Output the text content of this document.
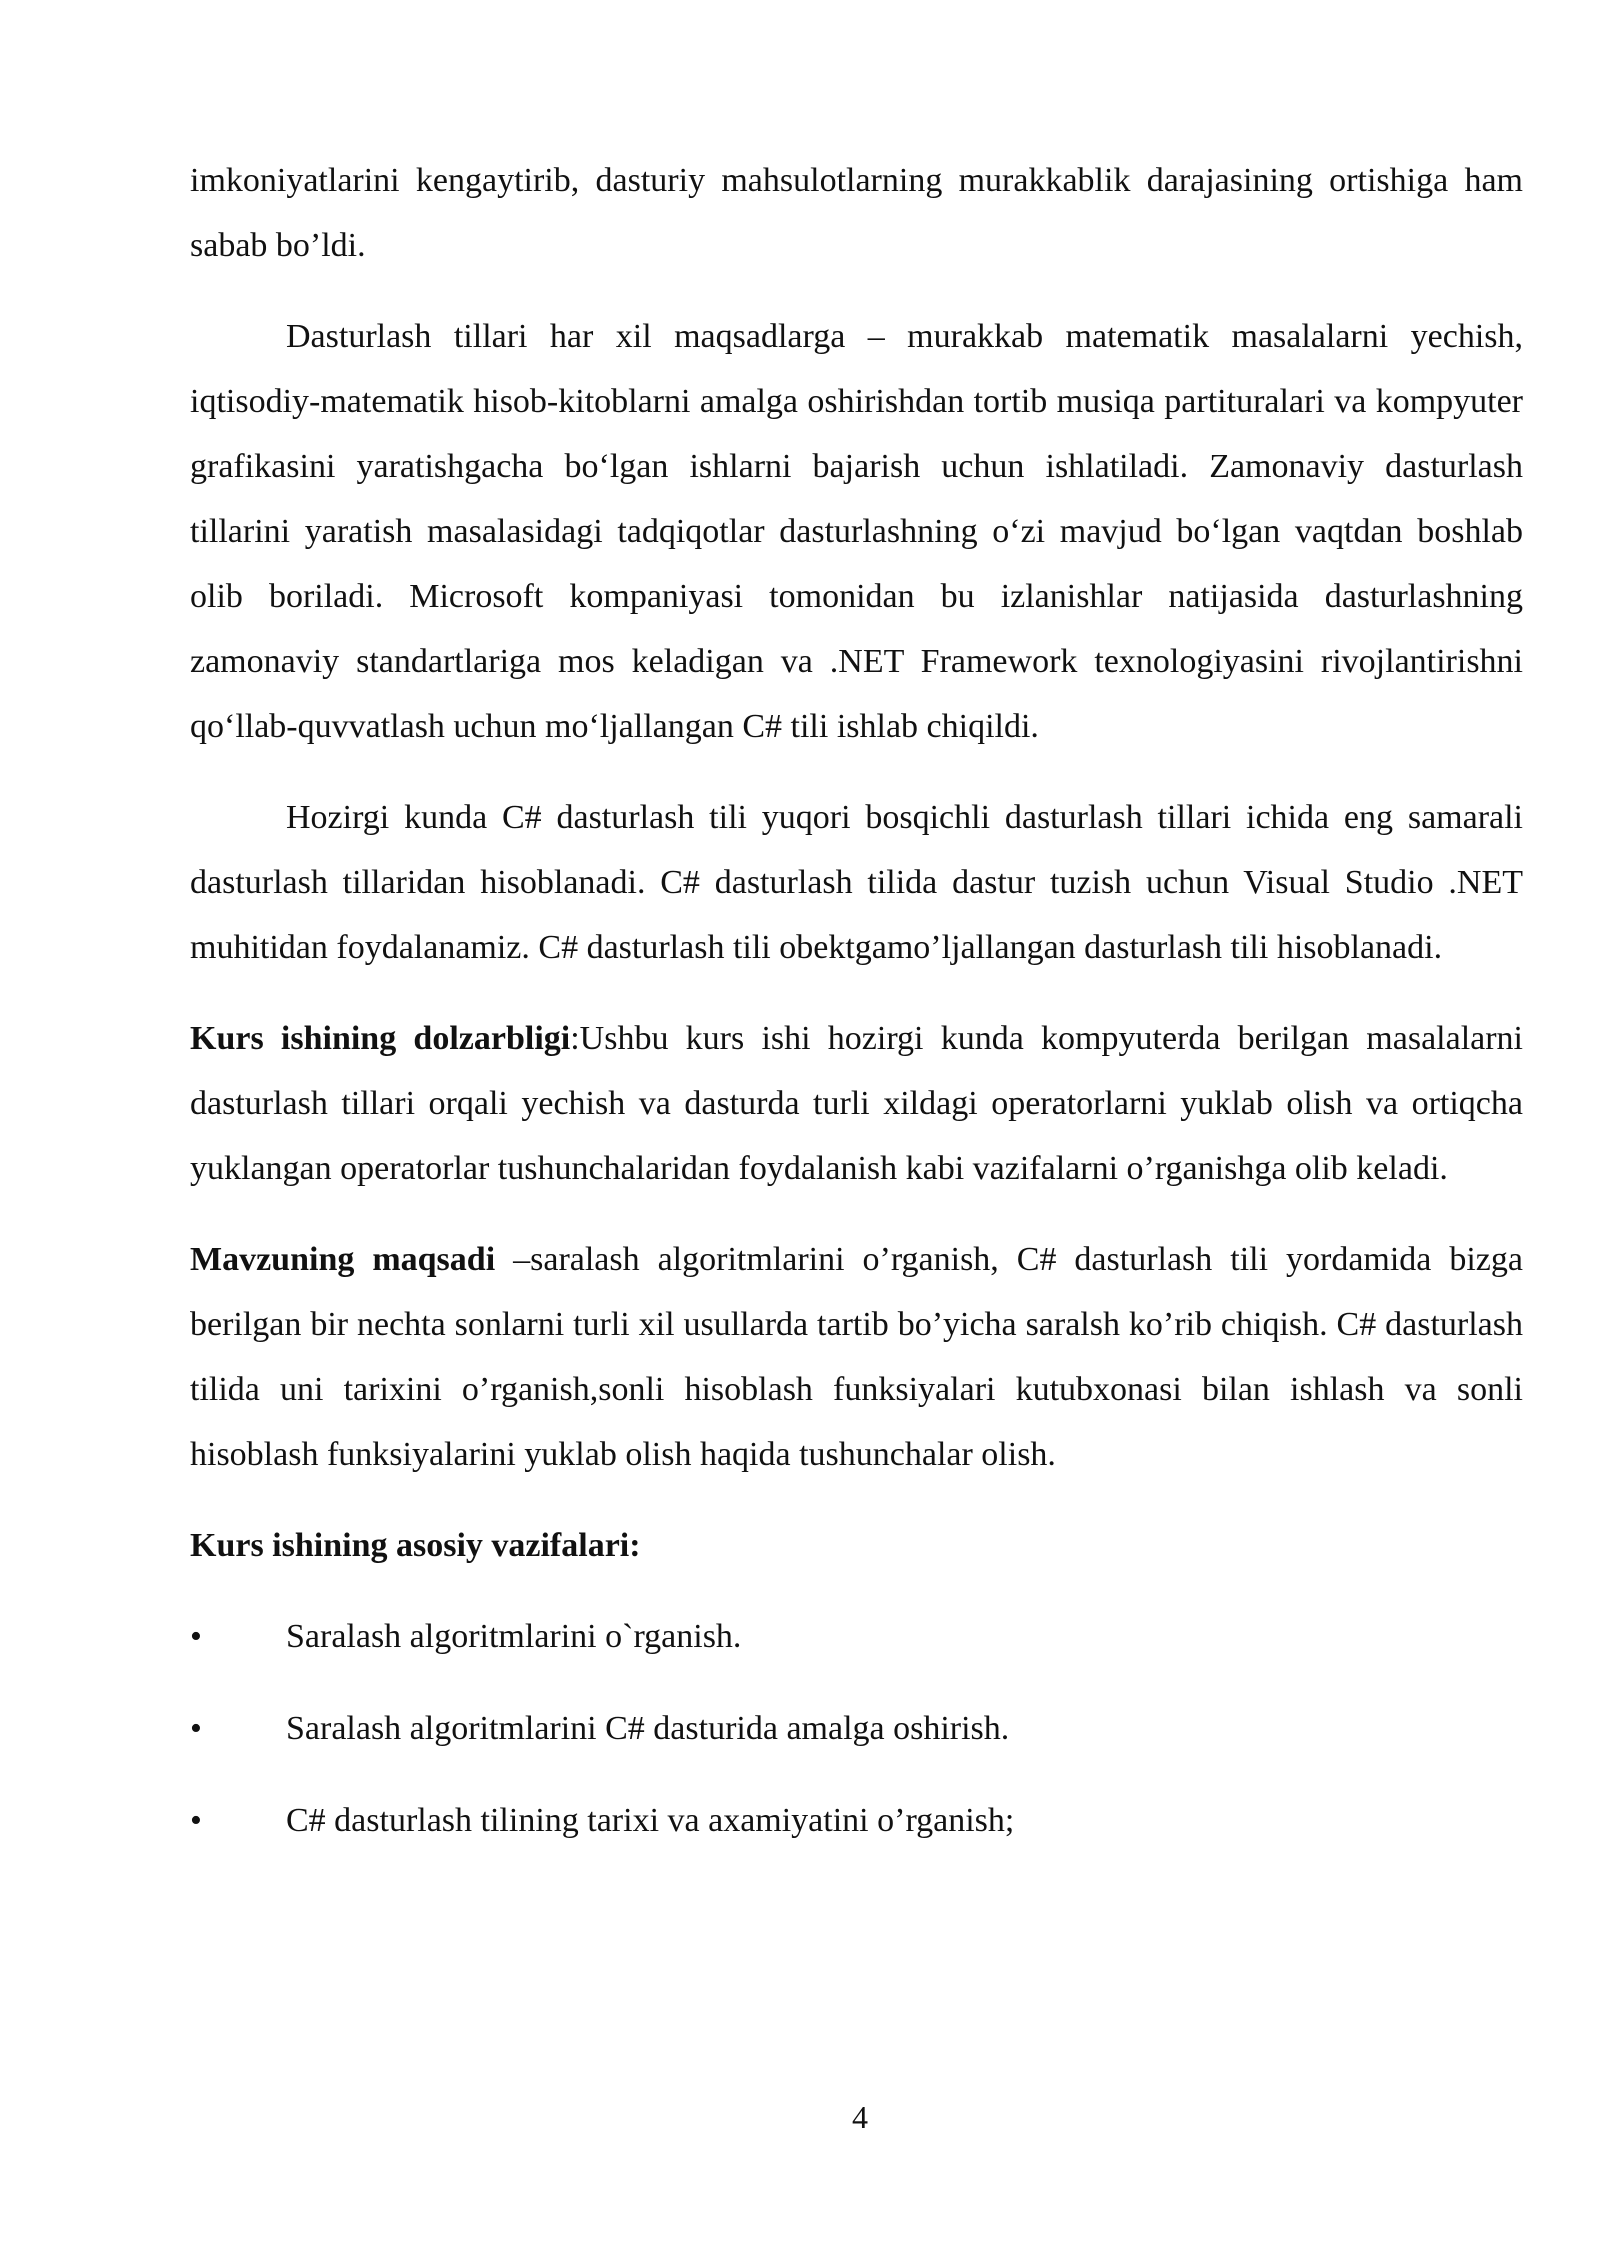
imkoniyatlarini kengaytirib, dasturiy mahsulotlarning murakkablik darajasining ortishiga ham sabab bo’ldi.

Dasturlash tillari har xil maqsadlarga – murakkab matematik masalalarni yechish, iqtisodiy-matematik hisob-kitoblarni amalga oshirishdan tortib musiqa partituralari va kompyuter grafikasini yaratishgacha bo‘lgan ishlarni bajarish uchun ishlatiladi. Zamonaviy dasturlash tillarini yaratish masalasidagi tadqiqotlar dasturlashning o‘zi mavjud bo‘lgan vaqtdan boshlab olib boriladi. Microsoft kompaniyasi tomonidan bu izlanishlar natijasida dasturlashning zamonaviy standartlariga mos keladigan va .NET Framework texnologiyasini rivojlantirishni qo‘llab-quvvatlash uchun mo‘ljallangan C# tili ishlab chiqildi.

Hozirgi kunda C# dasturlash tili yuqori bosqichli dasturlash tillari ichida eng samarali dasturlash tillaridan hisoblanadi. C# dasturlash tilida dastur tuzish uchun Visual Studio .NET muhitidan foydalanamiz. C# dasturlash tili obektgamo’ljallangan dasturlash tili hisoblanadi.

Kurs ishining dolzarbligi:Ushbu kurs ishi hozirgi kunda kompyuterda berilgan masalalarni dasturlash tillari orqali yechish va dasturda turli xildagi operatorlarni yuklab olish va ortiqcha yuklangan operatorlar tushunchalaridan foydalanish kabi vazifalarni o’rganishga olib keladi.

Mavzuning maqsadi –saralash algoritmlarini o’rganish, C# dasturlash tili yordamida bizga berilgan bir nechta sonlarni turli xil usullarda tartib bo’yicha saralsh ko’rib chiqish. C# dasturlash tilida uni tarixini o’rganish,sonli hisoblash funksiyalari kutubxonasi bilan ishlash va sonli hisoblash funksiyalarini yuklab olish haqida tushunchalar olish.

Kurs ishining asosiy vazifalari:

• Saralash algoritmlarini o`rganish.
• Saralash algoritmlarini C# dasturida amalga oshirish.
• C# dasturlash tilining tarixi va axamiyatini o’rganish;
4
